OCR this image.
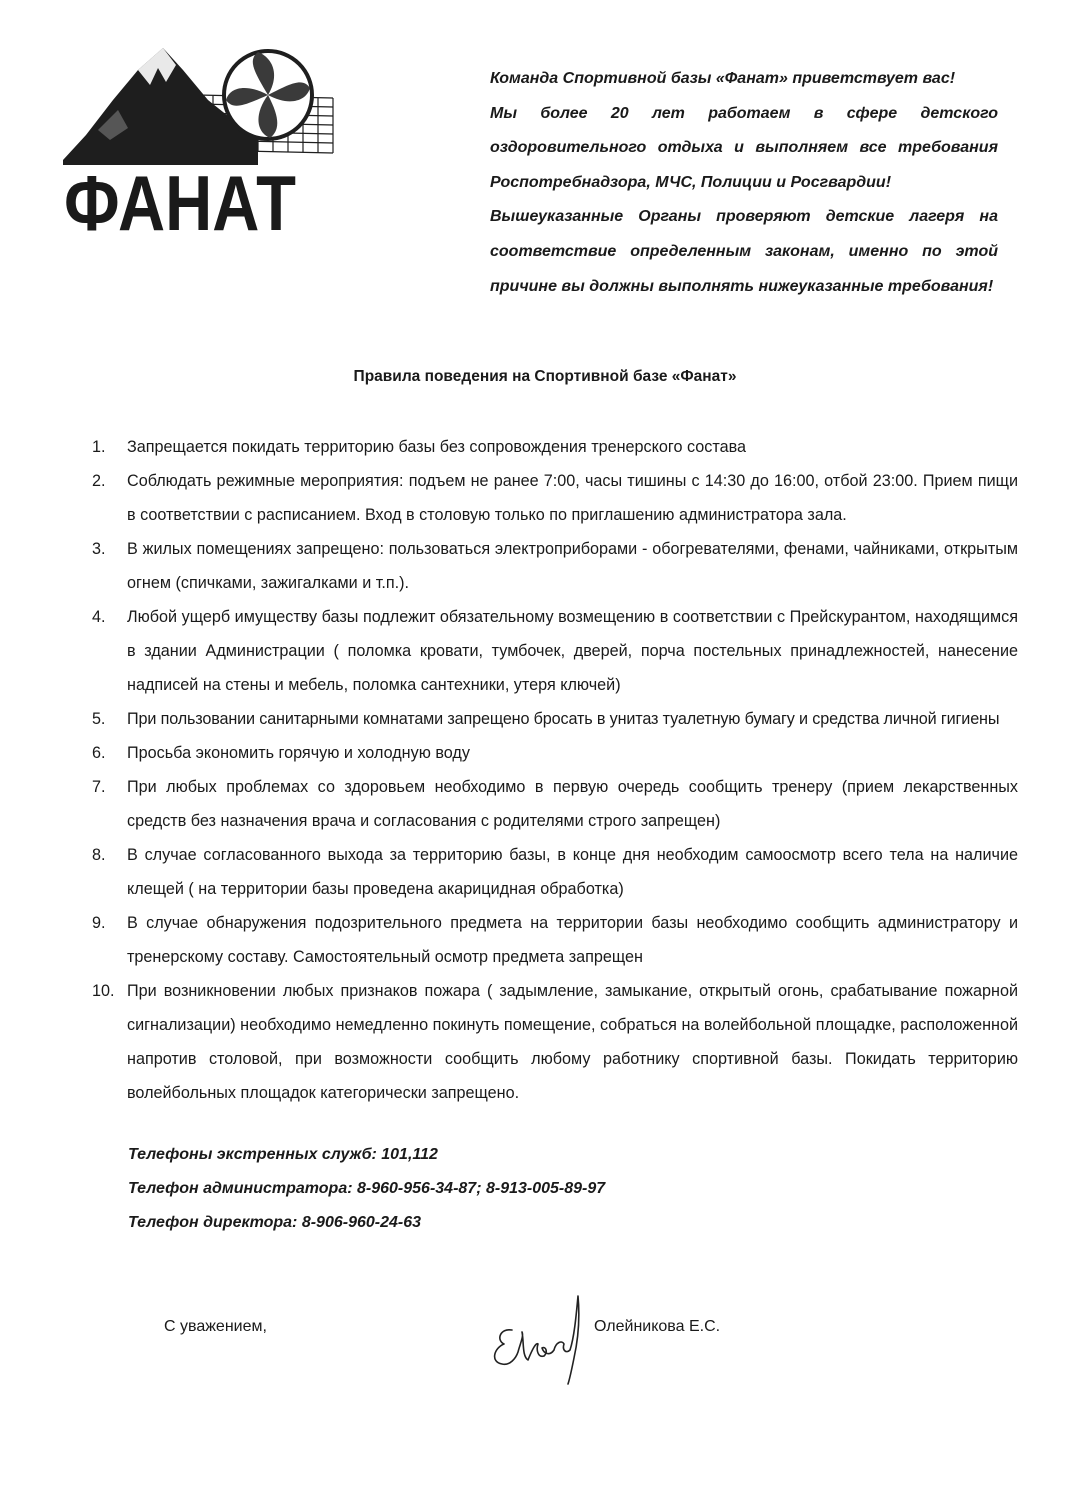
ФАНАТ
Команда Спортивной базы «Фанат» приветствует вас!
Мы более 20 лет работаем в сфере детского
оздоровительного отдыха и выполняем все требования
Роспотребнадзора, МЧС, Полиции и Росгвардии!
Вышеуказанные Органы проверяют детские лагеря на
соответствие определенным законам, именно по этой
причине вы должны выполнять нижеуказанные требования!
Правила поведения на Спортивной базе «Фанат»
1. Запрещается покидать территорию базы без сопровождения тренерского состава
2. Соблюдать режимные мероприятия: подъем не ранее 7:00, часы тишины с 14:30 до 16:00, отбой 23:00. Прием пищи в соответствии с расписанием. Вход в столовую только по приглашению администратора зала.
3. В жилых помещениях запрещено: пользоваться электроприборами - обогревателями, фенами, чайниками, открытым огнем (спичками, зажигалками и т.п.).
4. Любой ущерб имуществу базы подлежит обязательному возмещению в соответствии с Прейскурантом, находящимся в здании Администрации ( поломка кровати, тумбочек, дверей, порча постельных принадлежностей, нанесение надписей на стены и мебель, поломка сантехники, утеря ключей)
5. При пользовании санитарными комнатами запрещено бросать в унитаз туалетную бумагу и средства личной гигиены
6. Просьба экономить горячую и холодную воду
7. При любых проблемах со здоровьем необходимо в первую очередь сообщить тренеру (прием лекарственных средств без назначения врача и согласования с родителями строго запрещен)
8. В случае согласованного выхода за территорию базы, в конце дня необходим самоосмотр всего тела на наличие клещей ( на территории базы проведена акарицидная обработка)
9. В случае обнаружения подозрительного предмета на территории базы необходимо сообщить администратору и тренерскому составу. Самостоятельный осмотр предмета запрещен
10. При возникновении любых признаков пожара ( задымление, замыкание, открытый огонь, срабатывание пожарной сигнализации) необходимо немедленно покинуть помещение, собраться на волейбольной площадке, расположенной напротив столовой, при возможности сообщить любому работнику спортивной базы. Покидать территорию волейбольных площадок категорически запрещено.
Телефоны экстренных служб: 101,112
Телефон администратора: 8-960-956-34-87; 8-913-005-89-97
Телефон директора: 8-906-960-24-63
С уважением,	Олейникова Е.С.
